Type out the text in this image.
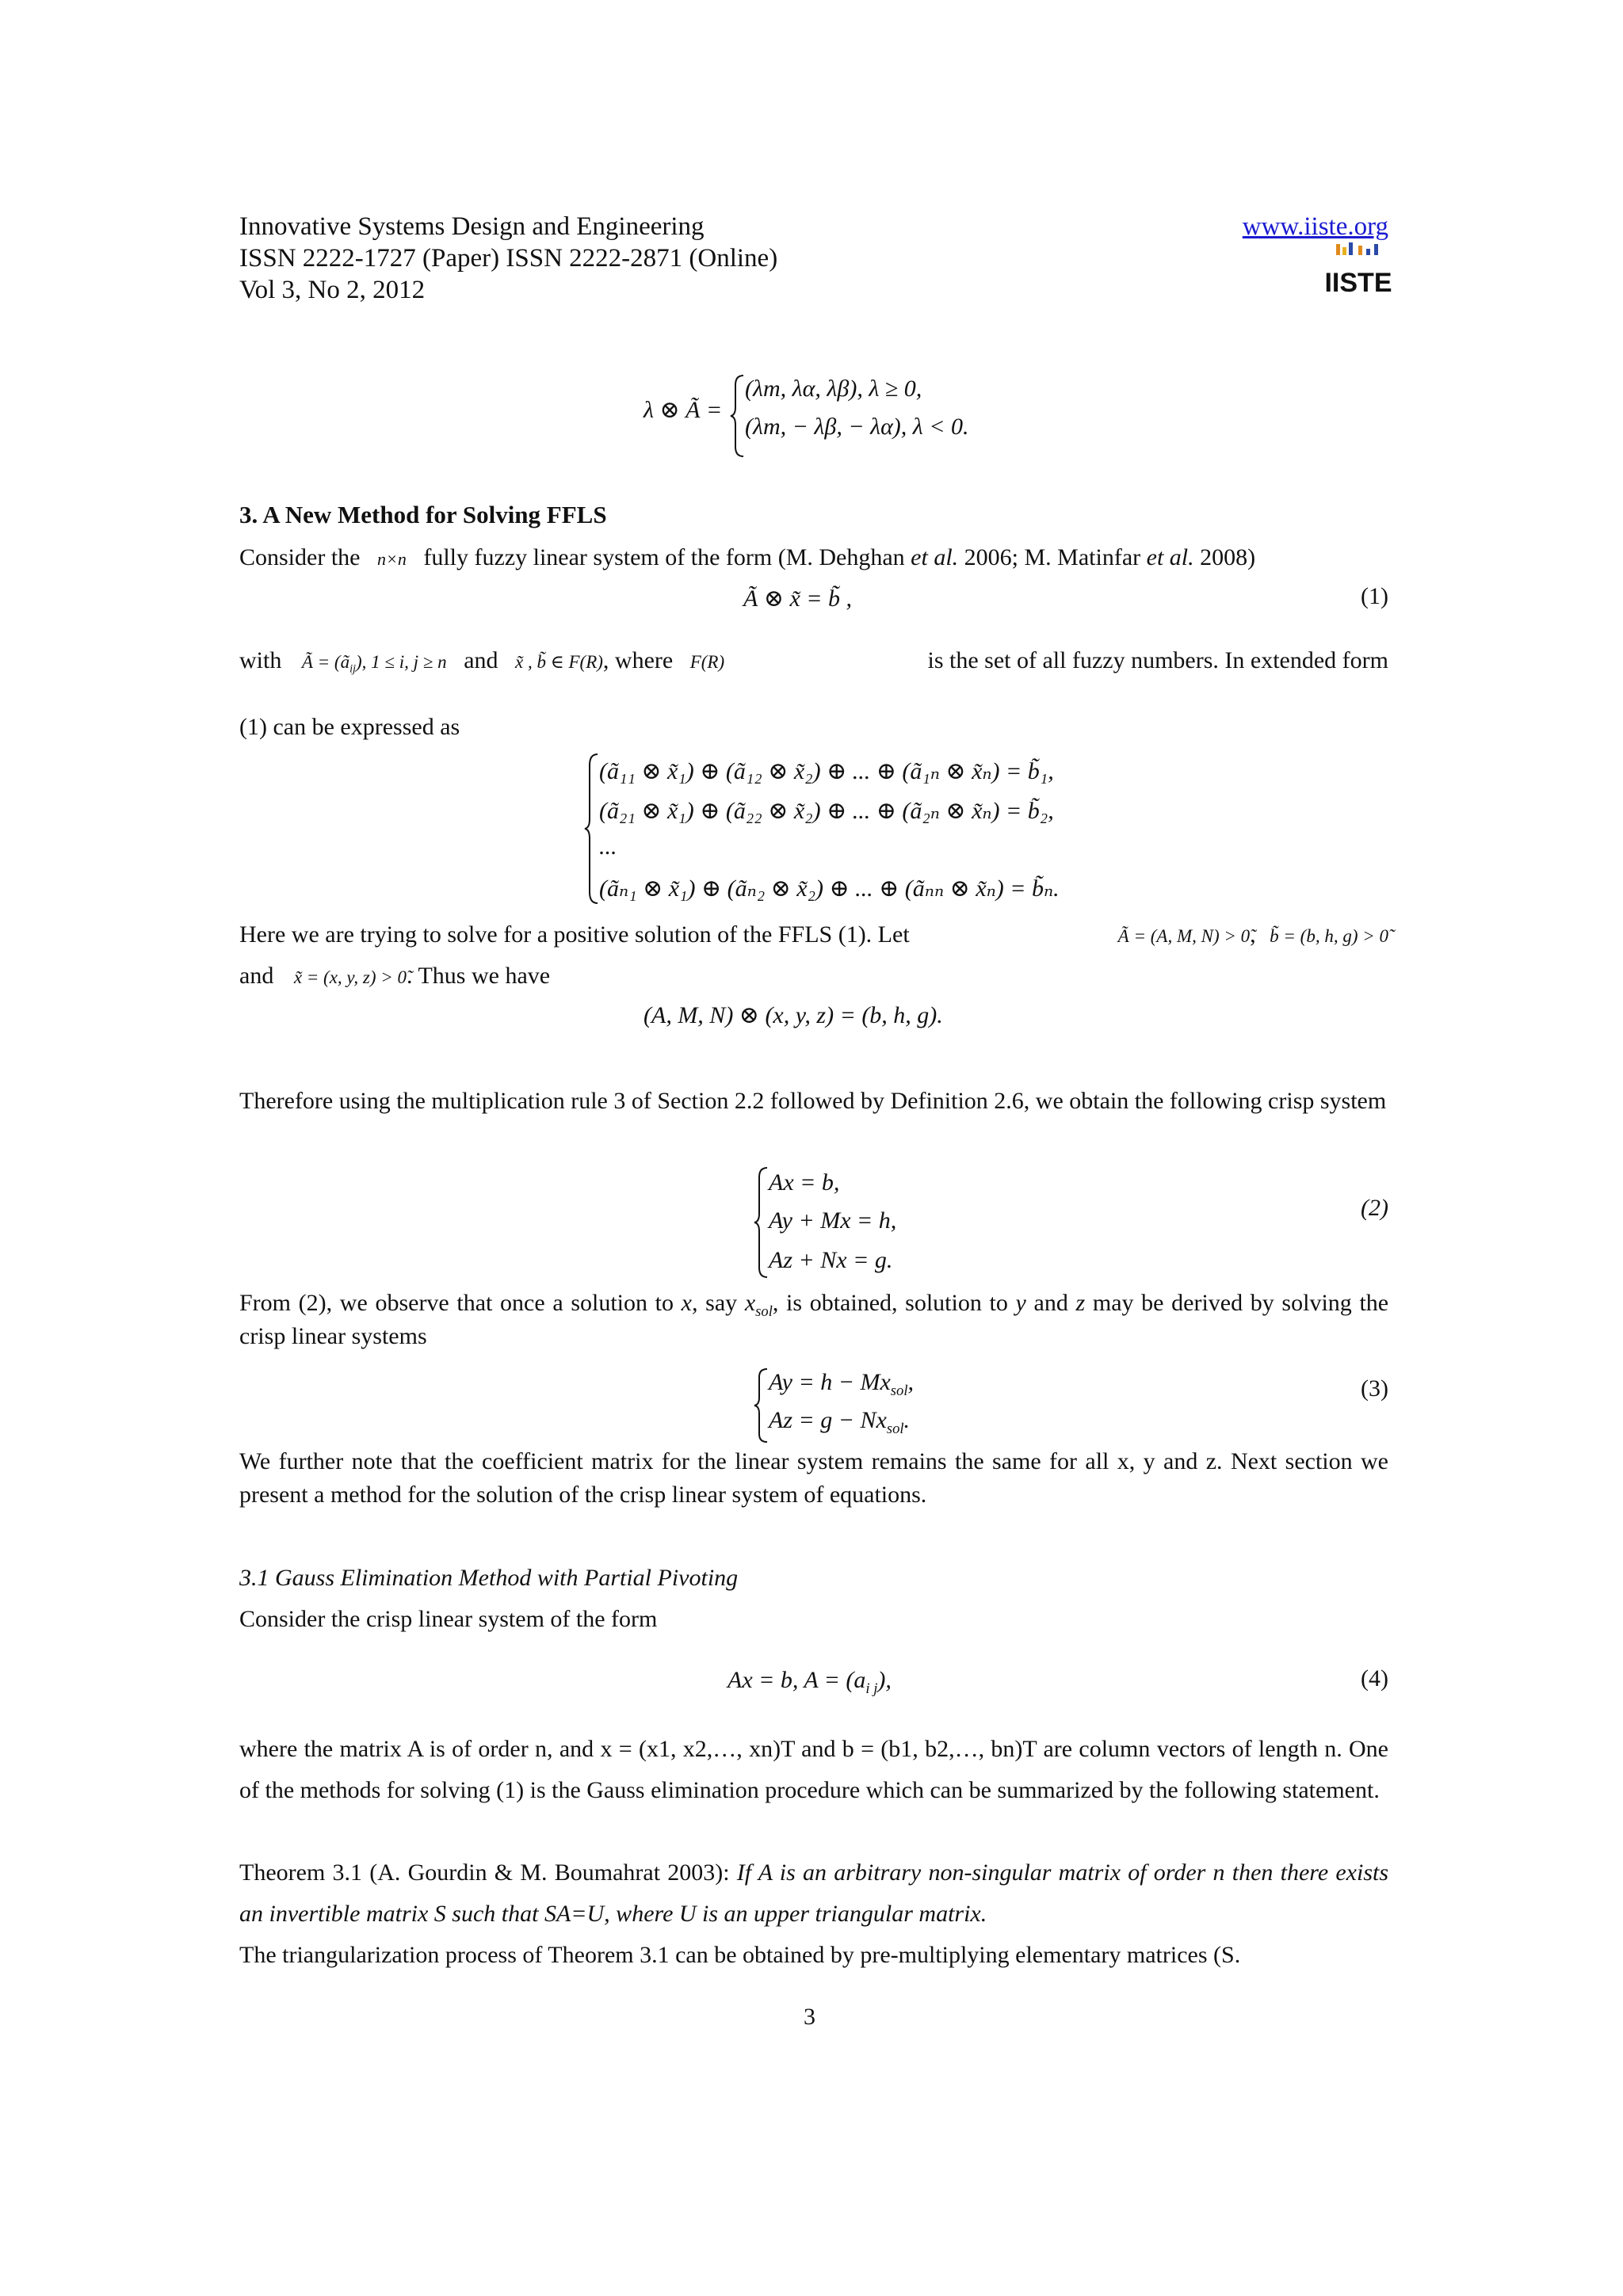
Innovative Systems Design and Engineering
ISSN 2222-1727 (Paper) ISSN 2222-2871 (Online)
Vol 3, No 2, 2012
www.iiste.org
IISTE
λ ⊗ Ã =
(λm, λα, λβ), λ ≥ 0,
(λm, − λβ, − λα), λ < 0.
3. A New Method for Solving FFLS
Consider the n×n fully fuzzy linear system of the form (M. Dehghan et al. 2006; M. Matinfar et al. 2008)
Ã ⊗ x̃ = b̃ ,	(1)
with Ã = $(ã_{ij})$, 1 ≤ i, j ≥ n and x̃ , b̃ ∈ F(R), where F(R)	is the set of all fuzzy numbers. In extended form
(1) can be expressed as
(ã₁₁ ⊗ x̃₁) ⊕ (ã₁₂ ⊗ x̃₂) ⊕ ... ⊕ (ã₁ₙ ⊗ x̃ₙ) = b̃₁,
(ã₂₁ ⊗ x̃₁) ⊕ (ã₂₂ ⊗ x̃₂) ⊕ ... ⊕ (ã₂ₙ ⊗ x̃ₙ) = b̃₂,
...
(ãₙ₁ ⊗ x̃₁) ⊕ (ãₙ₂ ⊗ x̃₂) ⊕ ... ⊕ (ãₙₙ ⊗ x̃ₙ) = b̃ₙ.
Here we are trying to solve for a positive solution of the FFLS (1). Let	Ã = (A, M, N) > 0̃, b̃ = (b, h, g) > 0̃
and x̃ = (x, y, z) > 0̃. Thus we have
(A, M, N) ⊗ (x, y, z) = (b, h, g).
Therefore using the multiplication rule 3 of Section 2.2 followed by Definition 2.6, we obtain the following crisp system
Ax = b,
Ay + Mx = h,
Az + Nx = g.
(2)
From (2), we observe that once a solution to x, say $x_{sol}$, is obtained, solution to y and z may be derived by solving the crisp linear systems
$Ay = h - Mx_{sol}$,
$Az = g - Nx_{sol}$.
(3)
We further note that the coefficient matrix for the linear system remains the same for all x, y and z. Next section we present a method for the solution of the crisp linear system of equations.
3.1 Gauss Elimination Method with Partial Pivoting
Consider the crisp linear system of the form
Ax = b, $A = (a_{i j})$,	(4)
where the matrix A is of order n, and x = (x1, x2,…, xn)T and b = (b1, b2,…, bn)T are column vectors of length n. One of the methods for solving (1) is the Gauss elimination procedure which can be summarized by the following statement.
Theorem 3.1 (A. Gourdin & M. Boumahrat 2003): If A is an arbitrary non-singular matrix of order n then there exists an invertible matrix S such that SA=U, where U is an upper triangular matrix.
The triangularization process of Theorem 3.1 can be obtained by pre-multiplying elementary matrices (S.
3
